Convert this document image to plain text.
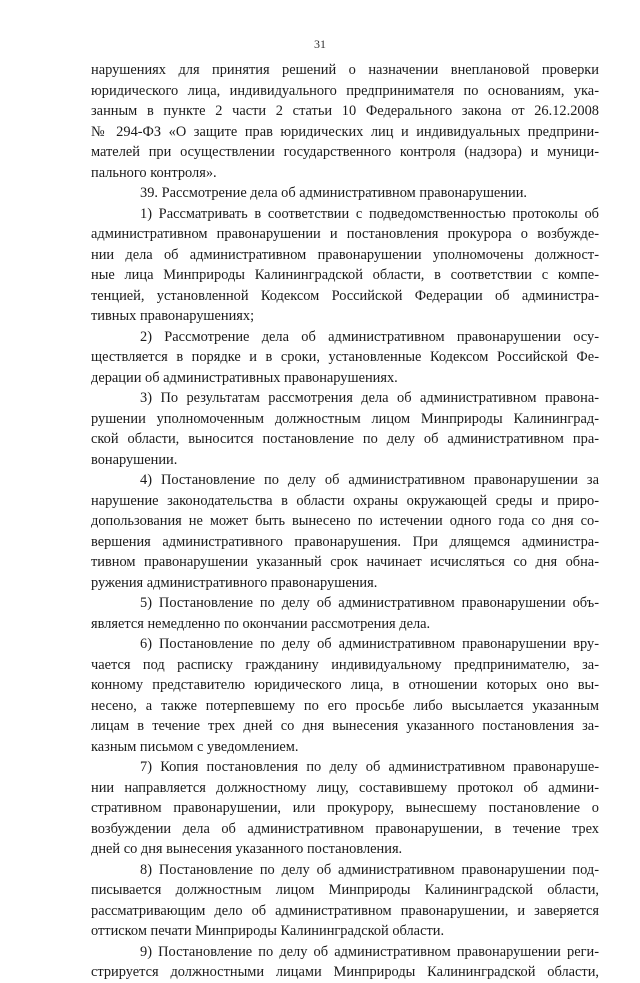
31
нарушениях для принятия решений о назначении внеплановой проверки
юридического лица, индивидуального предпринимателя по основаниям, ука-
занным в пункте 2 части 2 статьи 10 Федерального закона от 26.12.2008
№ 294-ФЗ «О защите прав юридических лиц и индивидуальных предприни-
мателей при осуществлении государственного контроля (надзора) и муници-
пального контроля».
39. Рассмотрение дела об административном правонарушении.
1) Рассматривать в соответствии с подведомственностью протоколы об
административном правонарушении и постановления прокурора о возбужде-
нии дела об административном правонарушении уполномочены должност-
ные лица Минприроды Калининградской области, в соответствии с компе-
тенцией, установленной Кодексом Российской Федерации об администра-
тивных правонарушениях;
2) Рассмотрение дела об административном правонарушении осу-
ществляется в порядке и в сроки, установленные Кодексом Российской Фе-
дерации об административных правонарушениях.
3) По результатам рассмотрения дела об административном правона-
рушении уполномоченным должностным лицом Минприроды Калининград-
ской области, выносится постановление по делу об административном пра-
вонарушении.
4) Постановление по делу об административном правонарушении за
нарушение законодательства в области охраны окружающей среды и приро-
допользования не может быть вынесено по истечении одного года со дня со-
вершения административного правонарушения. При длящемся администра-
тивном правонарушении указанный срок начинает исчисляться со дня обна-
ружения административного правонарушения.
5) Постановление по делу об административном правонарушении объ-
является немедленно по окончании рассмотрения дела.
6) Постановление по делу об административном правонарушении вру-
чается под расписку гражданину индивидуальному предпринимателю, за-
конному представителю юридического лица, в отношении которых оно вы-
несено, а также потерпевшему по его просьбе либо высылается указанным
лицам в течение трех дней со дня вынесения указанного постановления за-
казным письмом с уведомлением.
7) Копия постановления по делу об административном правонаруше-
нии направляется должностному лицу, составившему протокол об админи-
стративном правонарушении, или прокурору, вынесшему постановление о
возбуждении дела об административном правонарушении, в течение трех
дней со дня вынесения указанного постановления.
8) Постановление по делу об административном правонарушении под-
писывается должностным лицом Минприроды Калининградской области,
рассматривающим дело об административном правонарушении, и заверяется
оттиском печати Минприроды Калининградской области.
9) Постановление по делу об административном правонарушении реги-
стрируется должностными лицами Минприроды Калининградской области,
